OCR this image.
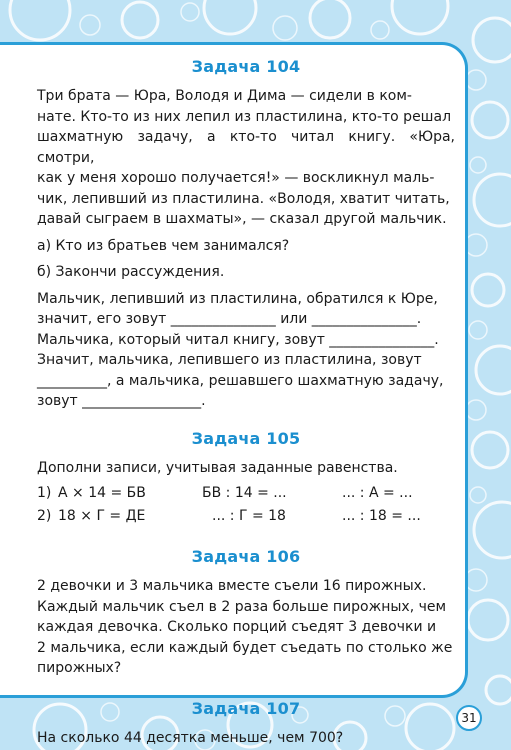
Задача 104
Три брата — Юра, Володя и Дима — сидели в ком-
нате. Кто-то из них лепил из пластилина, кто-то решал
шахматную задачу, а кто-то читал книгу. «Юра, смотри,
как у меня хорошо получается!» — воскликнул маль-
чик, лепивший из пластилина. «Володя, хватит читать,
давай сыграем в шахматы», — сказал другой мальчик.
а) Кто из братьев чем занимался?
б) Закончи рассуждения.
Мальчик, лепивший из пластилина, обратился к Юре,
значит, его зовут _______________ или _______________.
Мальчика, который читал книгу, зовут _______________.
Значит, мальчика, лепившего из пластилина, зовут
__________, а мальчика, решавшего шахматную задачу,
зовут _________________.
Задача 105
Дополни записи, учитывая заданные равенства.
1) А × 14 = БВ	БВ : 14 = ...	... : А = ...
2) 18 × Г = ДЕ	... : Г = 18	... : 18 = ...
Задача 106
2 девочки и 3 мальчика вместе съели 16 пирожных.
Каждый мальчик съел в 2 раза больше пирожных, чем
каждая девочка. Сколько порций съедят 3 девочки и
2 мальчика, если каждый будет съедать по столько же
пирожных?
Задача 107
На сколько 44 десятка меньше, чем 700?
31
